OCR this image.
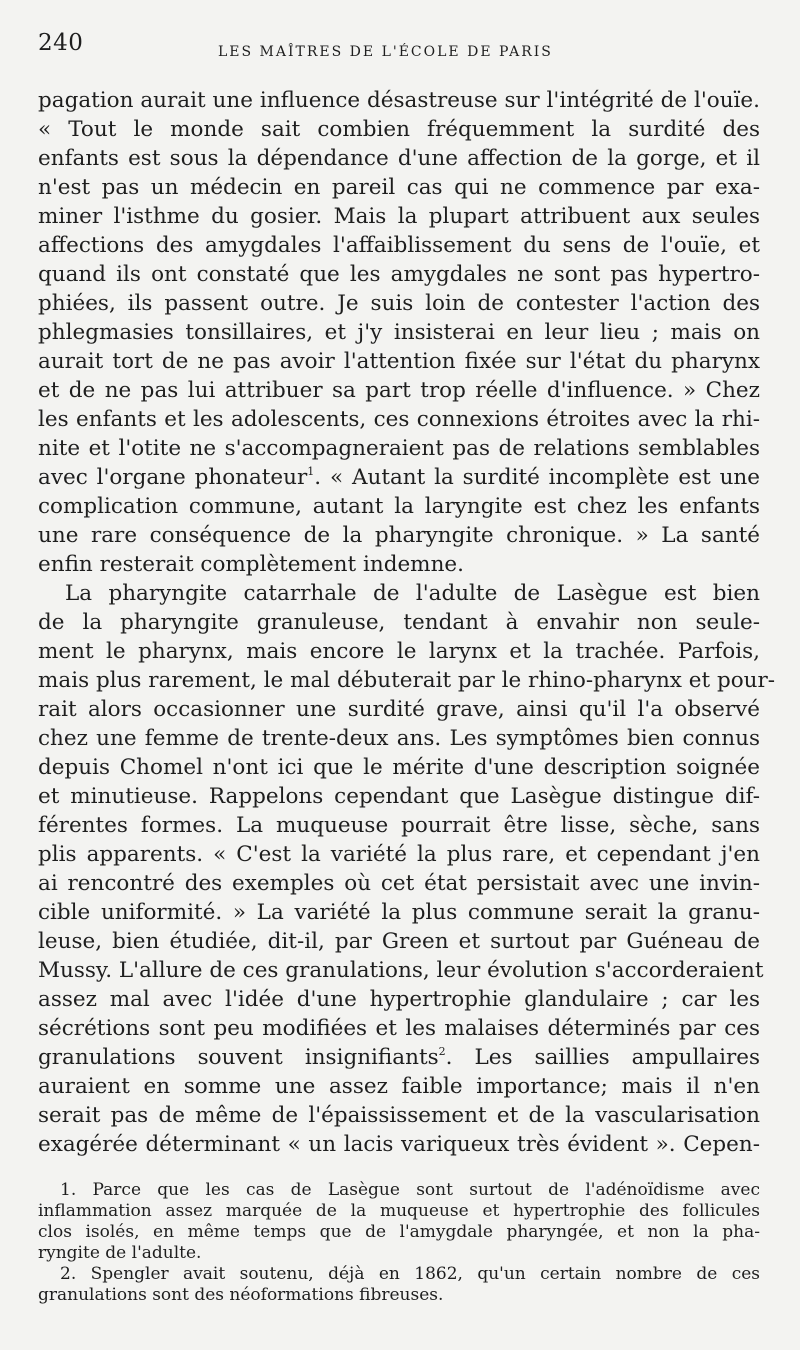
240	LES MAÎTRES DE L'ÉCOLE DE PARIS
pagation aurait une influence désastreuse sur l'intégrité de l'ouïe.
« Tout le monde sait combien fréquemment la surdité des
enfants est sous la dépendance d'une affection de la gorge, et il
n'est pas un médecin en pareil cas qui ne commence par exa-
miner l'isthme du gosier. Mais la plupart attribuent aux seules
affections des amygdales l'affaiblissement du sens de l'ouïe, et
quand ils ont constaté que les amygdales ne sont pas hypertro-
phiées, ils passent outre. Je suis loin de contester l'action des
phlegmasies tonsillaires, et j'y insisterai en leur lieu ; mais on
aurait tort de ne pas avoir l'attention fixée sur l'état du pharynx
et de ne pas lui attribuer sa part trop réelle d'influence. » Chez
les enfants et les adolescents, ces connexions étroites avec la rhi-
nite et l'otite ne s'accompagneraient pas de relations semblables
avec l'organe phonateur$^1$. « Autant la surdité incomplète est une
complication commune, autant la laryngite est chez les enfants
une rare conséquence de la pharyngite chronique. » La santé
enfin resterait complètement indemne.
La pharyngite catarrhale de l'adulte de Lasègue est bien
de la pharyngite granuleuse, tendant à envahir non seule-
ment le pharynx, mais encore le larynx et la trachée. Parfois,
mais plus rarement, le mal débuterait par le rhino-pharynx et pour-
rait alors occasionner une surdité grave, ainsi qu'il l'a observé
chez une femme de trente-deux ans. Les symptômes bien connus
depuis Chomel n'ont ici que le mérite d'une description soignée
et minutieuse. Rappelons cependant que Lasègue distingue dif-
férentes formes. La muqueuse pourrait être lisse, sèche, sans
plis apparents. « C'est la variété la plus rare, et cependant j'en
ai rencontré des exemples où cet état persistait avec une invin-
cible uniformité. » La variété la plus commune serait la granu-
leuse, bien étudiée, dit-il, par Green et surtout par Guéneau de
Mussy. L'allure de ces granulations, leur évolution s'accorderaient
assez mal avec l'idée d'une hypertrophie glandulaire ; car les
sécrétions sont peu modifiées et les malaises déterminés par ces
granulations souvent insignifiants$^2$. Les saillies ampullaires
auraient en somme une assez faible importance; mais il n'en
serait pas de même de l'épaississement et de la vascularisation
exagérée déterminant « un lacis variqueux très évident ». Cepen-
1. Parce que les cas de Lasègue sont surtout de l'adénoïdisme avec
inflammation assez marquée de la muqueuse et hypertrophie des follicules
clos isolés, en même temps que de l'amygdale pharyngée, et non la pha-
ryngite de l'adulte.
2. Spengler avait soutenu, déjà en 1862, qu'un certain nombre de ces
granulations sont des néoformations fibreuses.
